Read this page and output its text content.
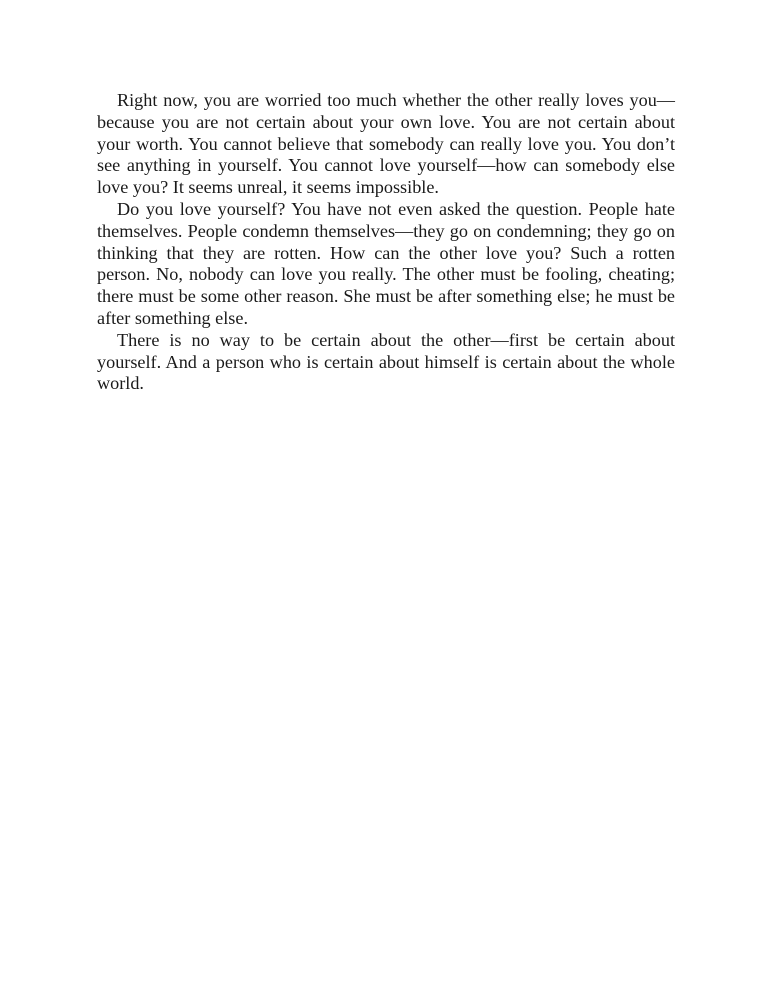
Right now, you are worried too much whether the other really loves you—because you are not certain about your own love. You are not certain about your worth. You cannot believe that somebody can really love you. You don’t see anything in yourself. You cannot love yourself—how can somebody else love you? It seems unreal, it seems impossible.

Do you love yourself? You have not even asked the question. People hate themselves. People condemn themselves—they go on condemning; they go on thinking that they are rotten. How can the other love you? Such a rotten person. No, nobody can love you really. The other must be fooling, cheating; there must be some other reason. She must be after something else; he must be after something else.

There is no way to be certain about the other—first be certain about yourself. And a person who is certain about himself is certain about the whole world.
